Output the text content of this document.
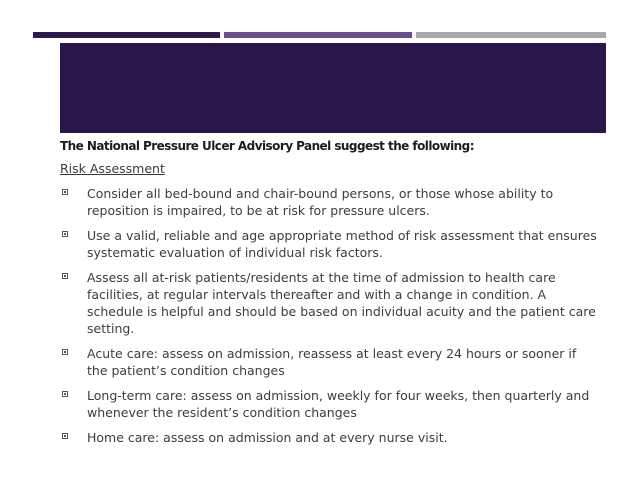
The National Pressure Ulcer Advisory Panel suggest the following:
Risk Assessment
Consider all bed-bound and chair-bound persons, or those whose ability to reposition is impaired, to be at risk for pressure ulcers.
Use a valid, reliable and age appropriate method of risk assessment that ensures systematic evaluation of individual risk factors.
Assess all at-risk patients/residents at the time of admission to health care facilities, at regular intervals thereafter and with a change in condition. A schedule is helpful and should be based on individual acuity and the patient care setting.
Acute care: assess on admission, reassess at least every 24 hours or sooner if the patient’s condition changes
Long-term care: assess on admission, weekly for four weeks, then quarterly and whenever the resident’s condition changes
Home care: assess on admission and at every nurse visit.
